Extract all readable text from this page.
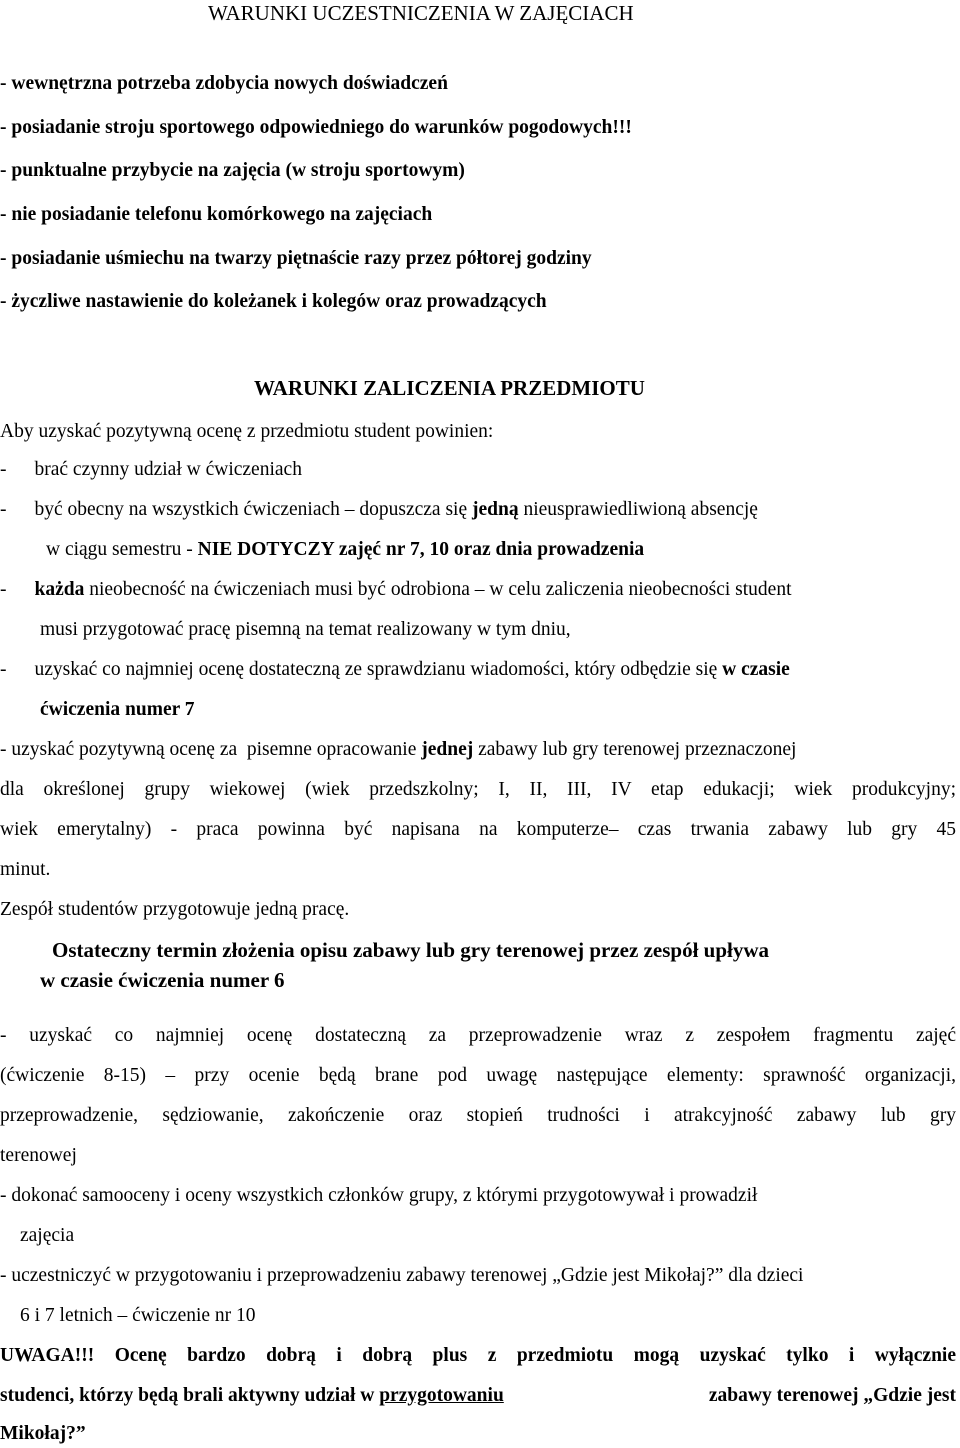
WARUNKI UCZESTNICZENIA W ZAJĘCIACH
- wewnętrzna potrzeba zdobycia nowych doświadczeń
- posiadanie stroju sportowego odpowiedniego do warunków pogodowych!!!
- punktualne przybycie na zajęcia (w stroju sportowym)
- nie posiadanie telefonu komórkowego na zajęciach
- posiadanie uśmiechu na twarzy piętnaście razy przez półtorej godziny
- życzliwe nastawienie do koleżanek i kolegów oraz prowadzących
WARUNKI ZALICZENIA PRZEDMIOTU
Aby uzyskać pozytywną ocenę z przedmiotu student powinien:
- brać czynny udział w ćwiczeniach
- być obecny na wszystkich ćwiczeniach – dopuszcza się jedną nieusprawiedliwioną absencję
w ciągu semestru - NIE DOTYCZY zajęć nr 7, 10 oraz dnia prowadzenia
- każda nieobecność na ćwiczeniach musi być odrobiona – w celu zaliczenia nieobecności student
musi przygotować pracę pisemną na temat realizowany w tym dniu,
- uzyskać co najmniej ocenę dostateczną ze sprawdzianu wiadomości, który odbędzie się w czasie
ćwiczenia numer 7
- uzyskać pozytywną ocenę za  pisemne opracowanie jednej zabawy lub gry terenowej przeznaczonej
dla określonej grupy wiekowej (wiek przedszkolny; I, II, III, IV etap edukacji; wiek produkcyjny;
wiek emerytalny) - praca powinna być napisana na komputerze– czas trwania zabawy lub gry 45
minut.
Zespół studentów przygotowuje jedną pracę.
Ostateczny termin złożenia opisu zabawy lub gry terenowej przez zespół upływa
w czasie ćwiczenia numer 6
- uzyskać co najmniej ocenę dostateczną za przeprowadzenie wraz z zespołem fragmentu zajęć
(ćwiczenie 8-15) – przy ocenie będą brane pod uwagę następujące elementy: sprawność organizacji,
przeprowadzenie, sędziowanie, zakończenie oraz stopień trudności i atrakcyjność zabawy lub gry
terenowej
- dokonać samooceny i oceny wszystkich członków grupy, z którymi przygotowywał i prowadził
zajęcia
- uczestniczyć w przygotowaniu i przeprowadzeniu zabawy terenowej „Gdzie jest Mikołaj?” dla dzieci
6 i 7 letnich – ćwiczenie nr 10
UWAGA!!! Ocenę bardzo dobrą i dobrą plus z przedmiotu mogą uzyskać tylko i wyłącznie
studenci, którzy będą brali aktywny udział w przygotowaniu	zabawy terenowej „Gdzie jest
Mikołaj?”
